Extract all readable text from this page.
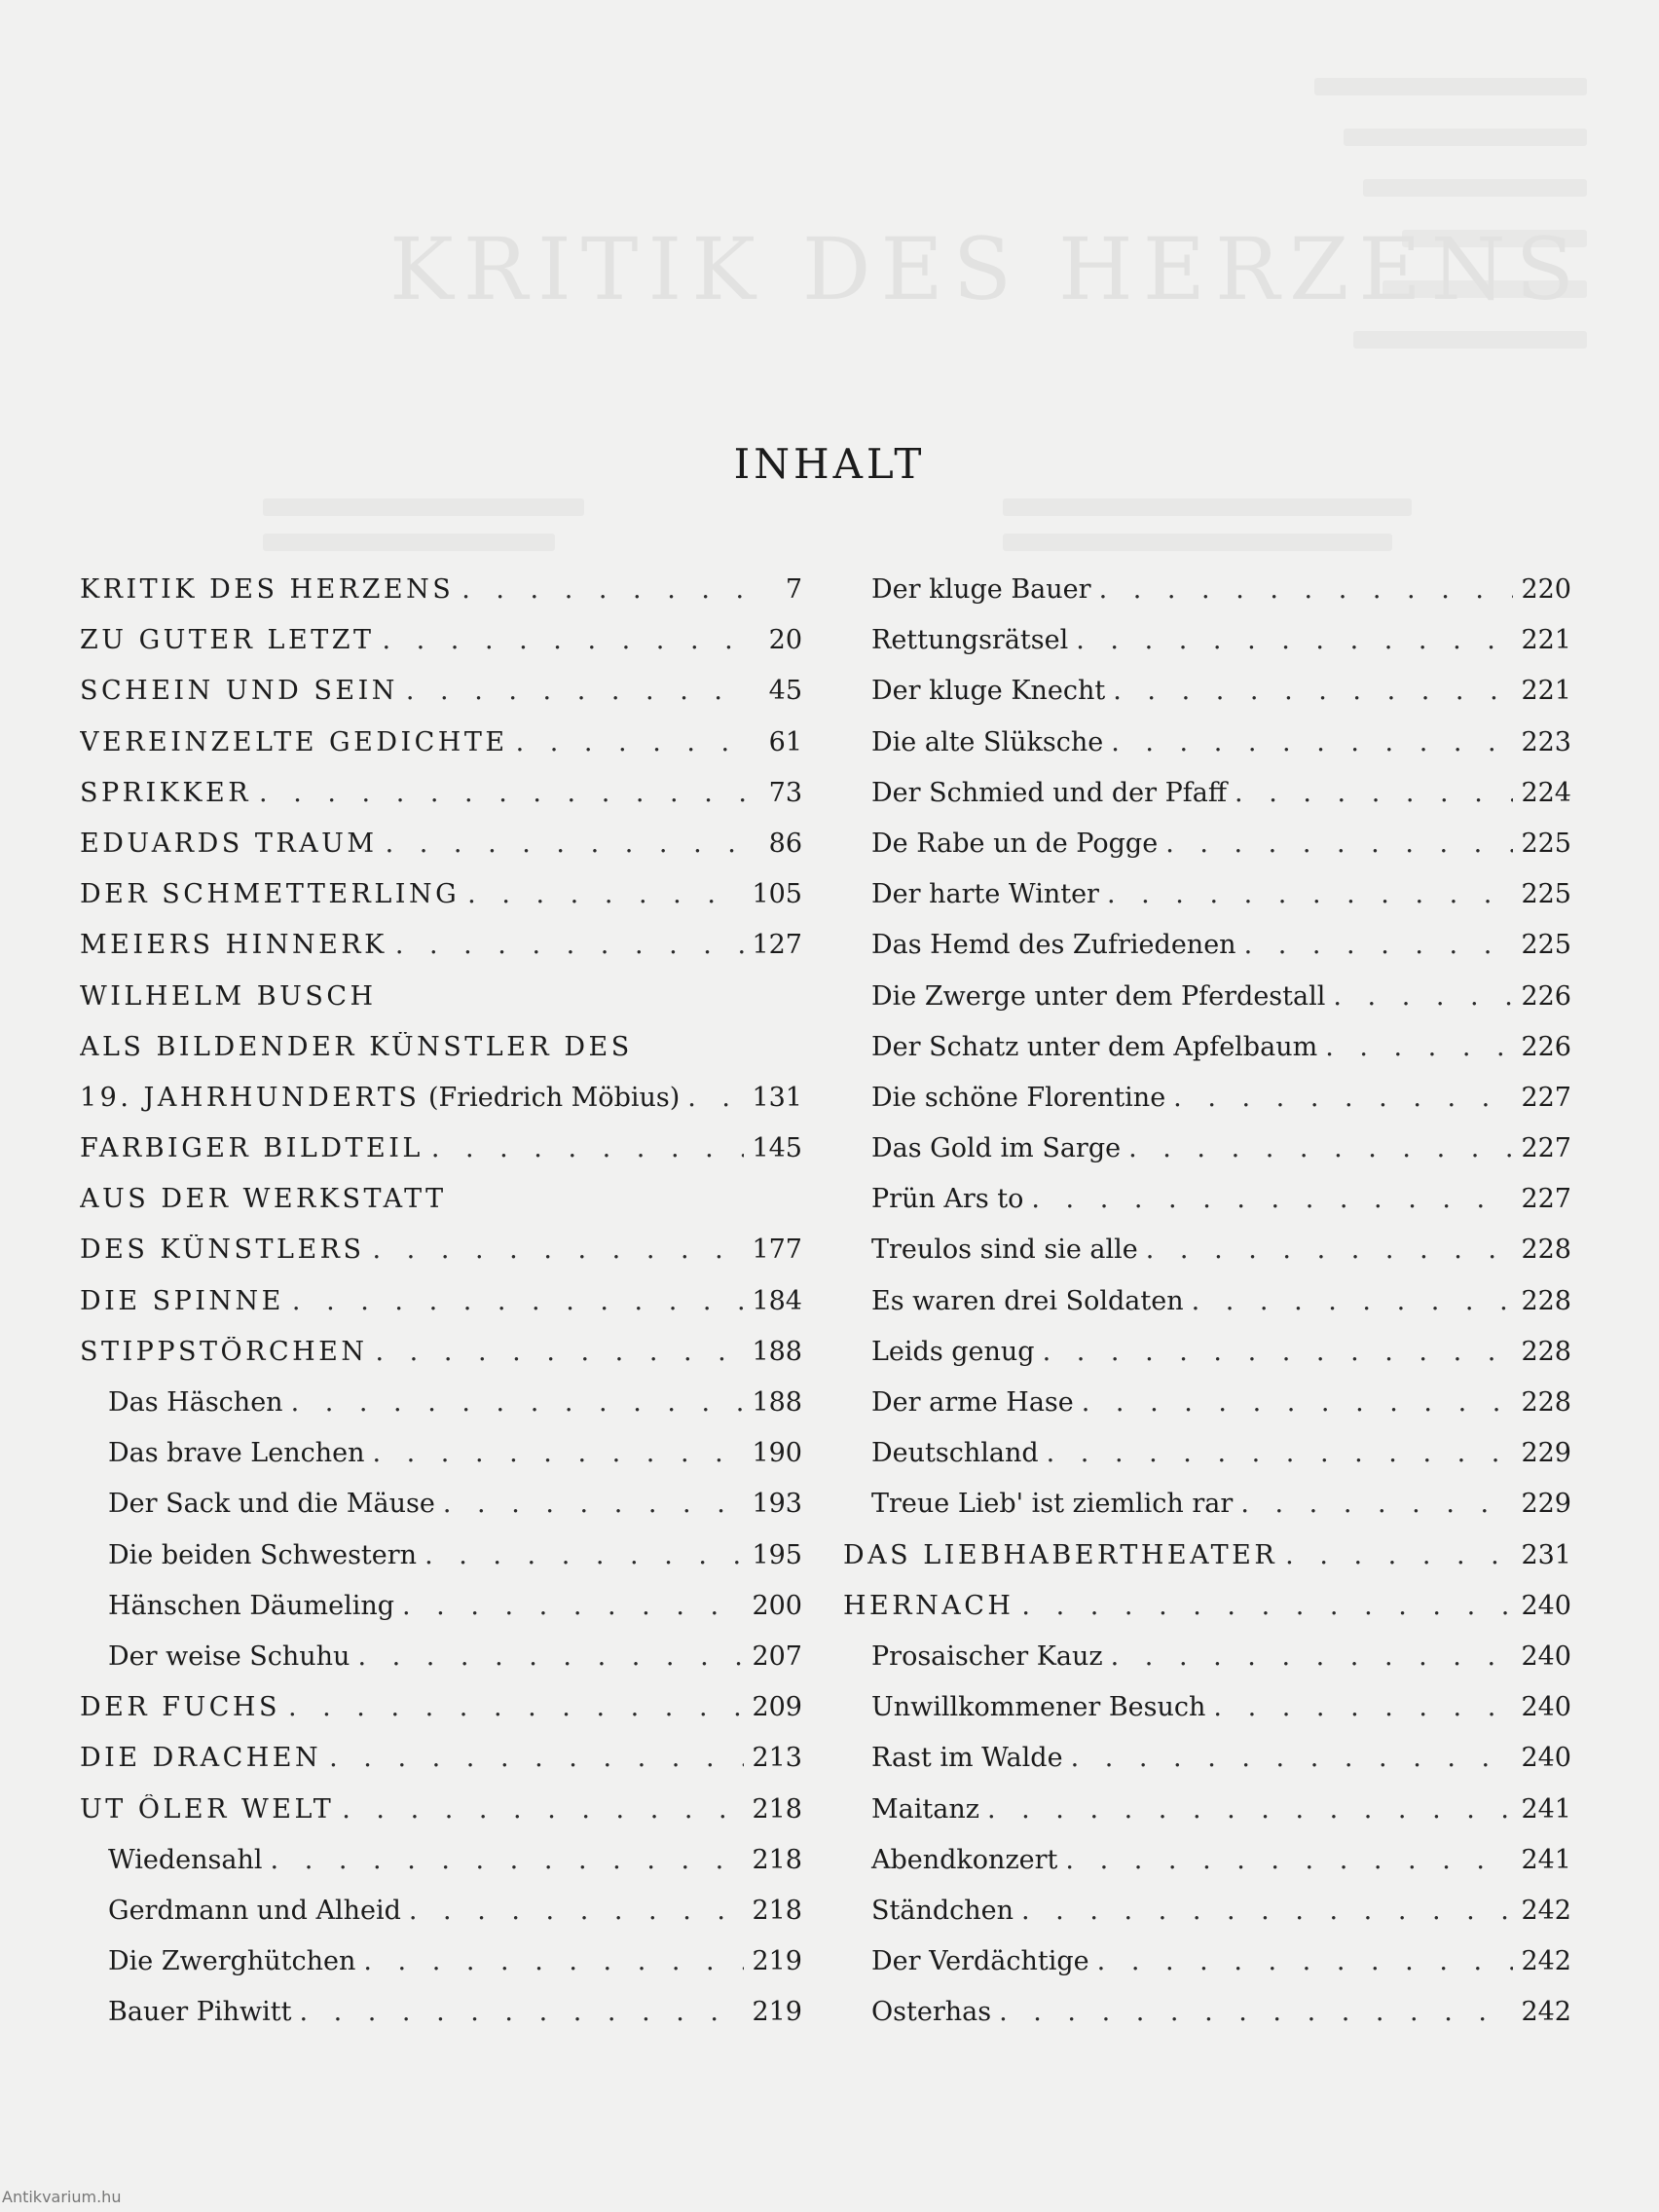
KRITIK DES HERZENS
INHALT
KRITIK DES HERZENS . . .	7
ZU GUTER LETZT . . .	20
SCHEIN UND SEIN . . .	45
VEREINZELTE GEDICHTE . . .	61
SPRIKKER . . .	73
EDUARDS TRAUM . . .	86
DER SCHMETTERLING . . .	105
MEIERS HINNERK . . .	127
WILHELM BUSCH
ALS BILDENDER KÜNSTLER DES
19. JAHRHUNDERTS (Friedrich Möbius) . . .	131
FARBIGER BILDTEIL . . .	145
AUS DER WERKSTATT
DES KÜNSTLERS . . .	177
DIE SPINNE . . .	184
STIPPSTÖRCHEN . . .	188
Das Häschen . . .	188
Das brave Lenchen . . .	190
Der Sack und die Mäuse . . .	193
Die beiden Schwestern . . .	195
Hänschen Däumeling . . .	200
Der weise Schuhu . . .	207
DER FUCHS . . .	209
DIE DRACHEN . . .	213
UT ÔLER WELT . . .	218
Wiedensahl . . .	218
Gerdmann und Alheid . . .	218
Die Zwerghütchen . . .	219
Bauer Pihwitt . . .	219
Der kluge Bauer . . .	220
Rettungsrätsel . . .	221
Der kluge Knecht . . .	221
Die alte Slüksche . . .	223
Der Schmied und der Pfaff . . .	224
De Rabe un de Pogge . . .	225
Der harte Winter . . .	225
Das Hemd des Zufriedenen . . .	225
Die Zwerge unter dem Pferdestall . . .	226
Der Schatz unter dem Apfelbaum . . .	226
Die schöne Florentine . . .	227
Das Gold im Sarge . . .	227
Prün Ars to . . .	227
Treulos sind sie alle . . .	228
Es waren drei Soldaten . . .	228
Leids genug . . .	228
Der arme Hase . . .	228
Deutschland . . .	229
Treue Lieb' ist ziemlich rar . . .	229
DAS LIEBHABERTHEATER . . .	231
HERNACH . . .	240
Prosaischer Kauz . . .	240
Unwillkommener Besuch . . .	240
Rast im Walde . . .	240
Maitanz . . .	241
Abendkonzert . . .	241
Ständchen . . .	242
Der Verdächtige . . .	242
Osterhas . . .	242
Antikvarium.hu
